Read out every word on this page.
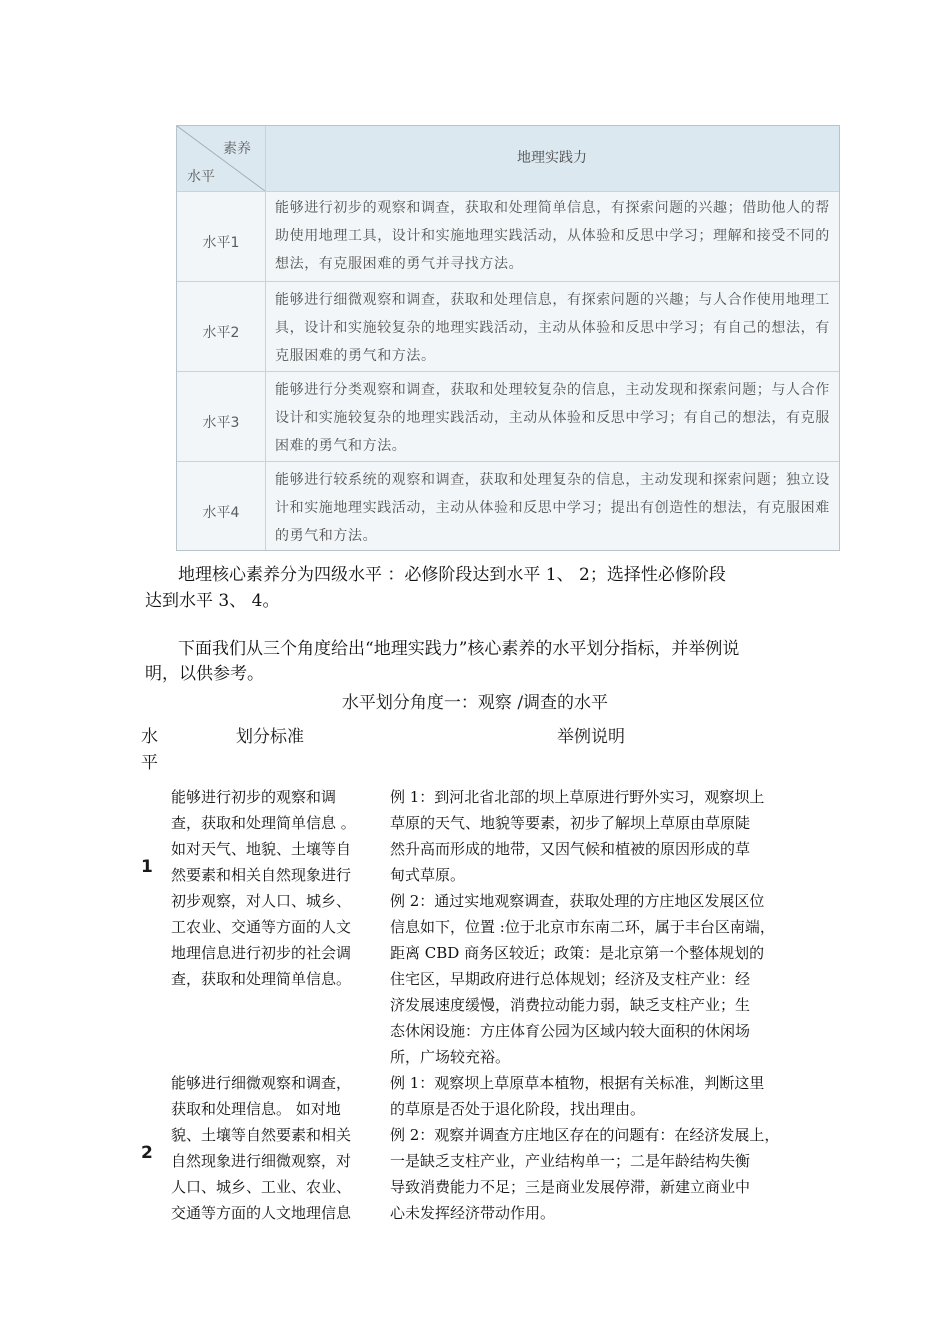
素养
水平
地理实践力
水平1
能够进行初步的观察和调查，获取和处理简单信息，有探索问题的兴趣；借助他人的帮助使用地理工具，设计和实施地理实践活动，从体验和反思中学习；理解和接受不同的想法，有克服困难的勇气并寻找方法。
水平2
能够进行细微观察和调查，获取和处理信息，有探索问题的兴趣；与人合作使用地理工具，设计和实施较复杂的地理实践活动，主动从体验和反思中学习；有自己的想法，有克服困难的勇气和方法。
水平3
能够进行分类观察和调查，获取和处理较复杂的信息，主动发现和探索问题；与人合作设计和实施较复杂的地理实践活动，主动从体验和反思中学习；有自己的想法，有克服困难的勇气和方法。
水平4
能够进行较系统的观察和调查，获取和处理复杂的信息，主动发现和探索问题；独立设计和实施地理实践活动，主动从体验和反思中学习；提出有创造性的想法，有克服困难的勇气和方法。
地理核心素养分为四级水平 ：必修阶段达到水平 1、 2；选择性必修阶段
达到水平 3、 4。
下面我们从三个角度给出“地理实践力”核心素养的水平划分指标，并举例说
明，以供参考。
水平划分角度一：观察 /调查的水平
水
平
划分标准	举例说明
1

能够进行初步的观察和调

查，获取和处理简单信息 。

如对天气、地貌、土壤等自

然要素和相关自然现象进行

初步观察，对人口、城乡、

工农业、交通等方面的人文

地理信息进行初步的社会调

查，获取和处理简单信息。

例 1：到河北省北部的坝上草原进行野外实习，观察坝上

草原的天气、地貌等要素，初步了解坝上草原由草原陡

然升高而形成的地带，又因气候和植被的原因形成的草

甸式草原。

例 2：通过实地观察调查，获取处理的方庄地区发展区位

信息如下，位置 :位于北京市东南二环，属于丰台区南端，

距离 CBD 商务区较近；政策：是北京第一个整体规划的

住宅区，早期政府进行总体规划；经济及支柱产业：经

济发展速度缓慢，消费拉动能力弱，缺乏支柱产业；生

态休闲设施：方庄体育公园为区域内较大面积的休闲场

所，广场较充裕。

2

能够进行细微观察和调查，

获取和处理信息。 如对地

貌、土壤等自然要素和相关

自然现象进行细微观察，对

人口、城乡、工业、农业、

交通等方面的人文地理信息

例 1：观察坝上草原草本植物，根据有关标准，判断这里

的草原是否处于退化阶段，找出理由。

例 2：观察并调查方庄地区存在的问题有：在经济发展上，

一是缺乏支柱产业，产业结构单一；二是年龄结构失衡

导致消费能力不足；三是商业发展停滞，新建立商业中

心未发挥经济带动作用。
